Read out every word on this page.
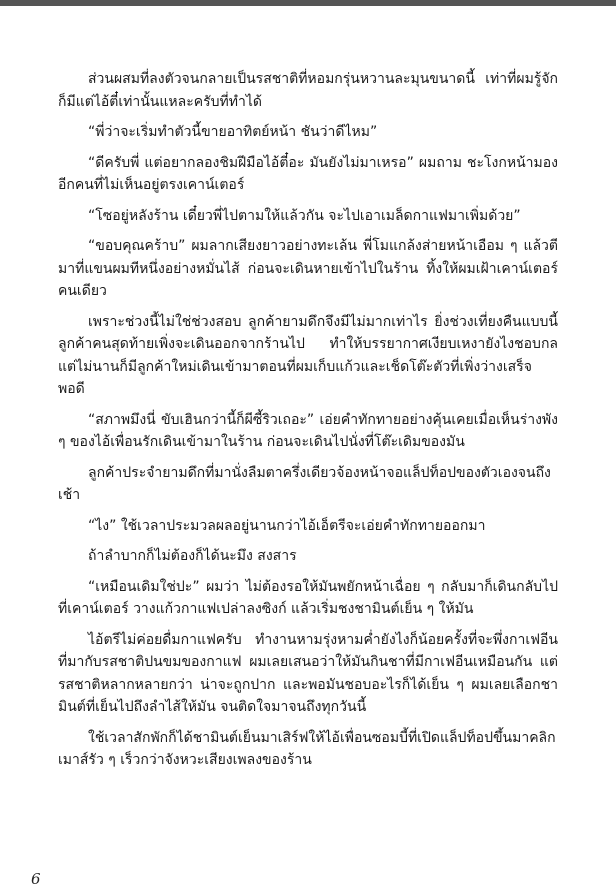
ส่วนผสมที่ลงตัวจนกลายเป็นรสชาติที่หอมกรุ่นหวานละมุนขนาดนี้ เท่าที่ผมรู้จักก็มีแต่ไอ้ตี๋เท่านั้นแหละครับที่ทำได้

“พี่ว่าจะเริ่มทำตัวนี้ขายอาทิตย์หน้า ชันว่าดีไหม”

“ดีครับพี่ แต่อยากลองชิมฝีมือไอ้ตี๋อะ มันยังไม่มาเหรอ” ผมถาม ชะโงกหน้ามองอีกคนที่ไม่เห็นอยู่ตรงเคาน์เตอร์

“โซอยู่หลังร้าน เดี๋ยวพี่ไปตามให้แล้วกัน จะไปเอาเมล็ดกาแฟมาเพิ่มด้วย”

“ขอบคุณคร้าบ” ผมลากเสียงยาวอย่างทะเล้น พี่โมแกล้งส่ายหน้าเอือม ๆ แล้วตีมาที่แขนผมทีหนึ่งอย่างหมั่นไส้ ก่อนจะเดินหายเข้าไปในร้าน ทิ้งให้ผมเฝ้าเคาน์เตอร์คนเดียว

เพราะช่วงนี้ไม่ใช่ช่วงสอบ ลูกค้ายามดึกจึงมีไม่มากเท่าไร ยิ่งช่วงเที่ยงคืนแบบนี้ลูกค้าคนสุดท้ายเพิ่งจะเดินออกจากร้านไป ทำให้บรรยากาศเงียบเหงายังไงชอบกล แต่ไม่นานก็มีลูกค้าใหม่เดินเข้ามาตอนที่ผมเก็บแก้วและเช็ดโต๊ะตัวที่เพิ่งว่างเสร็จพอดี

“สภาพมึงนี่ ขับเฮินกว่านี้ก็ผีซี้ริวเถอะ” เอ่ยคำทักทายอย่างคุ้นเคยเมื่อเห็นร่างพัง ๆ ของไอ้เพื่อนรักเดินเข้ามาในร้าน ก่อนจะเดินไปนั่งที่โต๊ะเดิมของมัน

ลูกค้าประจำยามดึกที่มานั่งลืมตาครึ่งเดียวจ้องหน้าจอแล็ปท็อปของตัวเองจนถึงเช้า

“ไง” ใช้เวลาประมวลผลอยู่นานกว่าไอ้เอ็ตรีจะเอ่ยคำทักทายออกมา

ถ้าลำบากก็ไม่ต้องก็ได้นะมึง สงสาร

“เหมือนเดิมใช่ปะ” ผมว่า ไม่ต้องรอให้มันพยักหน้าเฉื่อย ๆ กลับมาก็เดินกลับไปที่เคาน์เตอร์ วางแก้วกาแฟเปล่าลงซิงก์ แล้วเริ่มชงชามินต์เย็น ๆ ให้มัน

ไอ้ตรีไม่ค่อยดื่มกาแฟครับ ทำงานหามรุ่งหามค่ำยังไงก็น้อยครั้งที่จะพึ่งกาเฟอีนที่มากับรสชาติปนขมของกาแฟ ผมเลยเสนอว่าให้มันกินชาที่มีกาเฟอีนเหมือนกัน แต่รสชาติหลากหลายกว่า น่าจะถูกปาก และพอมันชอบอะไรก็ได้เย็น ๆ ผมเลยเลือกชามินต์ที่เย็นไปถึงลำไส้ให้มัน จนติดใจมาจนถึงทุกวันนี้

ใช้เวลาสักพักก็ได้ชามินต์เย็นมาเสิร์ฟให้ไอ้เพื่อนซอมบี้ที่เปิดแล็ปท็อปขึ้นมาคลิกเมาส์รัว ๆ เร็วกว่าจังหวะเสียงเพลงของร้าน

6
